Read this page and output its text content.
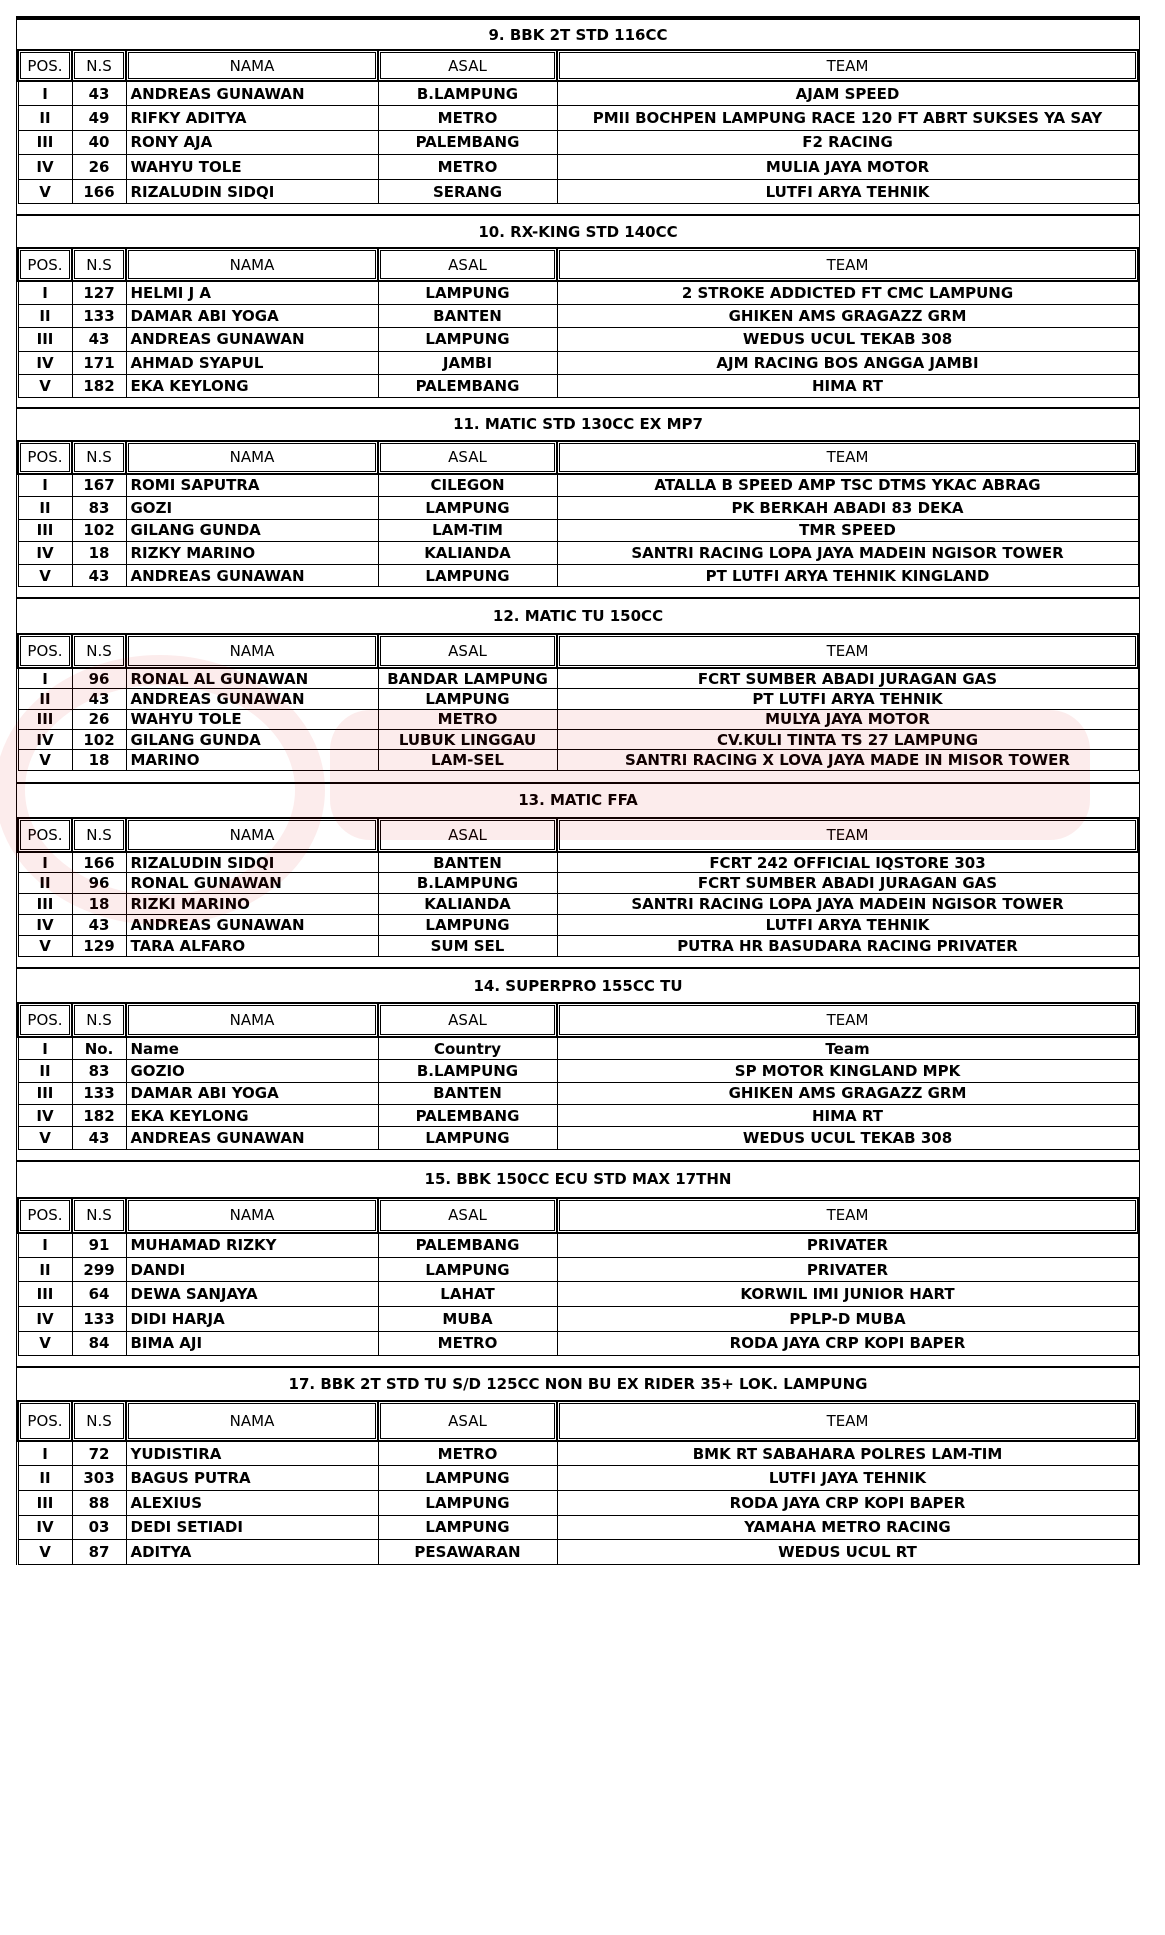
9. BBK 2T STD 116CC
POS.	N.S	NAMA	ASAL	TEAM
I	43	ANDREAS GUNAWAN	B.LAMPUNG	AJAM SPEED
II	49	RIFKY ADITYA	METRO	PMII BOCHPEN LAMPUNG RACE 120 FT ABRT SUKSES YA SAY
III	40	RONY AJA	PALEMBANG	F2 RACING
IV	26	WAHYU TOLE	METRO	MULIA JAYA MOTOR
V	166	RIZALUDIN SIDQI	SERANG	LUTFI ARYA TEHNIK
10. RX-KING STD 140CC
POS.	N.S	NAMA	ASAL	TEAM
I	127	HELMI J A	LAMPUNG	2 STROKE ADDICTED FT CMC LAMPUNG
II	133	DAMAR ABI YOGA	BANTEN	GHIKEN AMS GRAGAZZ GRM
III	43	ANDREAS GUNAWAN	LAMPUNG	WEDUS UCUL TEKAB 308
IV	171	AHMAD SYAPUL	JAMBI	AJM RACING BOS ANGGA JAMBI
V	182	EKA KEYLONG	PALEMBANG	HIMA RT
11. MATIC STD 130CC EX MP7
POS.	N.S	NAMA	ASAL	TEAM
I	167	ROMI SAPUTRA	CILEGON	ATALLA B SPEED AMP TSC DTMS YKAC ABRAG
II	83	GOZI	LAMPUNG	PK BERKAH ABADI 83 DEKA
III	102	GILANG GUNDA	LAM-TIM	TMR SPEED
IV	18	RIZKY MARINO	KALIANDA	SANTRI RACING LOPA JAYA MADEIN NGISOR TOWER
V	43	ANDREAS GUNAWAN	LAMPUNG	PT LUTFI ARYA TEHNIK KINGLAND
12. MATIC TU 150CC
POS.	N.S	NAMA	ASAL	TEAM
I	96	RONAL AL GUNAWAN	BANDAR LAMPUNG	FCRT SUMBER ABADI JURAGAN GAS
II	43	ANDREAS GUNAWAN	LAMPUNG	PT LUTFI ARYA TEHNIK
III	26	WAHYU TOLE	METRO	MULYA JAYA MOTOR
IV	102	GILANG GUNDA	LUBUK LINGGAU	CV.KULI TINTA TS 27 LAMPUNG
V	18	MARINO	LAM-SEL	SANTRI RACING X LOVA JAYA MADE IN MISOR TOWER
13. MATIC FFA
POS.	N.S	NAMA	ASAL	TEAM
I	166	RIZALUDIN SIDQI	BANTEN	FCRT 242 OFFICIAL IQSTORE 303
II	96	RONAL GUNAWAN	B.LAMPUNG	FCRT SUMBER ABADI JURAGAN GAS
III	18	RIZKI MARINO	KALIANDA	SANTRI RACING LOPA JAYA MADEIN NGISOR TOWER
IV	43	ANDREAS GUNAWAN	LAMPUNG	LUTFI ARYA TEHNIK
V	129	TARA ALFARO	SUM SEL	PUTRA HR BASUDARA RACING PRIVATER
14. SUPERPRO 155CC TU
POS.	N.S	NAMA	ASAL	TEAM
I	No.	Name	Country	Team
II	83	GOZIO	B.LAMPUNG	SP MOTOR KINGLAND MPK
III	133	DAMAR ABI YOGA	BANTEN	GHIKEN AMS GRAGAZZ GRM
IV	182	EKA KEYLONG	PALEMBANG	HIMA RT
V	43	ANDREAS GUNAWAN	LAMPUNG	WEDUS UCUL TEKAB 308
15. BBK 150CC ECU STD MAX 17THN
POS.	N.S	NAMA	ASAL	TEAM
I	91	MUHAMAD RIZKY	PALEMBANG	PRIVATER
II	299	DANDI	LAMPUNG	PRIVATER
III	64	DEWA SANJAYA	LAHAT	KORWIL IMI JUNIOR HART
IV	133	DIDI HARJA	MUBA	PPLP-D MUBA
V	84	BIMA AJI	METRO	RODA JAYA CRP KOPI BAPER
17. BBK 2T STD TU S/D 125CC NON BU EX RIDER 35+ LOK. LAMPUNG
POS.	N.S	NAMA	ASAL	TEAM
I	72	YUDISTIRA	METRO	BMK RT SABAHARA POLRES LAM-TIM
II	303	BAGUS PUTRA	LAMPUNG	LUTFI JAYA TEHNIK
III	88	ALEXIUS	LAMPUNG	RODA JAYA CRP KOPI BAPER
IV	03	DEDI SETIADI	LAMPUNG	YAMAHA METRO RACING
V	87	ADITYA	PESAWARAN	WEDUS UCUL RT
